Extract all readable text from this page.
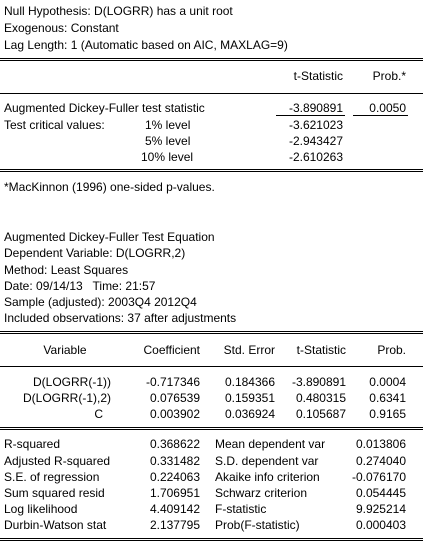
Null Hypothesis: D(LOGRR) has a unit root
Exogenous: Constant
Lag Length: 1 (Automatic based on AIC, MAXLAG=9)
t-Statistic	Prob.*
Augmented Dickey-Fuller test statistic	-3.890891	0.0050
Test critical values:	1% level	-3.621023
5% level	-2.943427
10% level	-2.610263
*MacKinnon (1996) one-sided p-values.
Augmented Dickey-Fuller Test Equation
Dependent Variable: D(LOGRR,2)
Method: Least Squares
Date: 09/14/13   Time: 21:57
Sample (adjusted): 2003Q4 2012Q4
Included observations: 37 after adjustments
Variable	Coefficient	Std. Error	t-Statistic	Prob.
D(LOGRR(-1))	-0.717346	0.184366	-3.890891	0.0004
D(LOGRR(-1),2)	0.076539	0.159351	0.480315	0.6341
C	0.003902	0.036924	0.105687	0.9165
R-squared	0.368622 Mean dependent var	0.013806
Adjusted R-squared	0.331482 S.D. dependent var	0.274040
S.E. of regression	0.224063 Akaike info criterion	-0.076170
Sum squared resid	1.706951 Schwarz criterion	0.054445
Log likelihood	4.409142 F-statistic	9.925214
Durbin-Watson stat	2.137795 Prob(F-statistic)	0.000403
